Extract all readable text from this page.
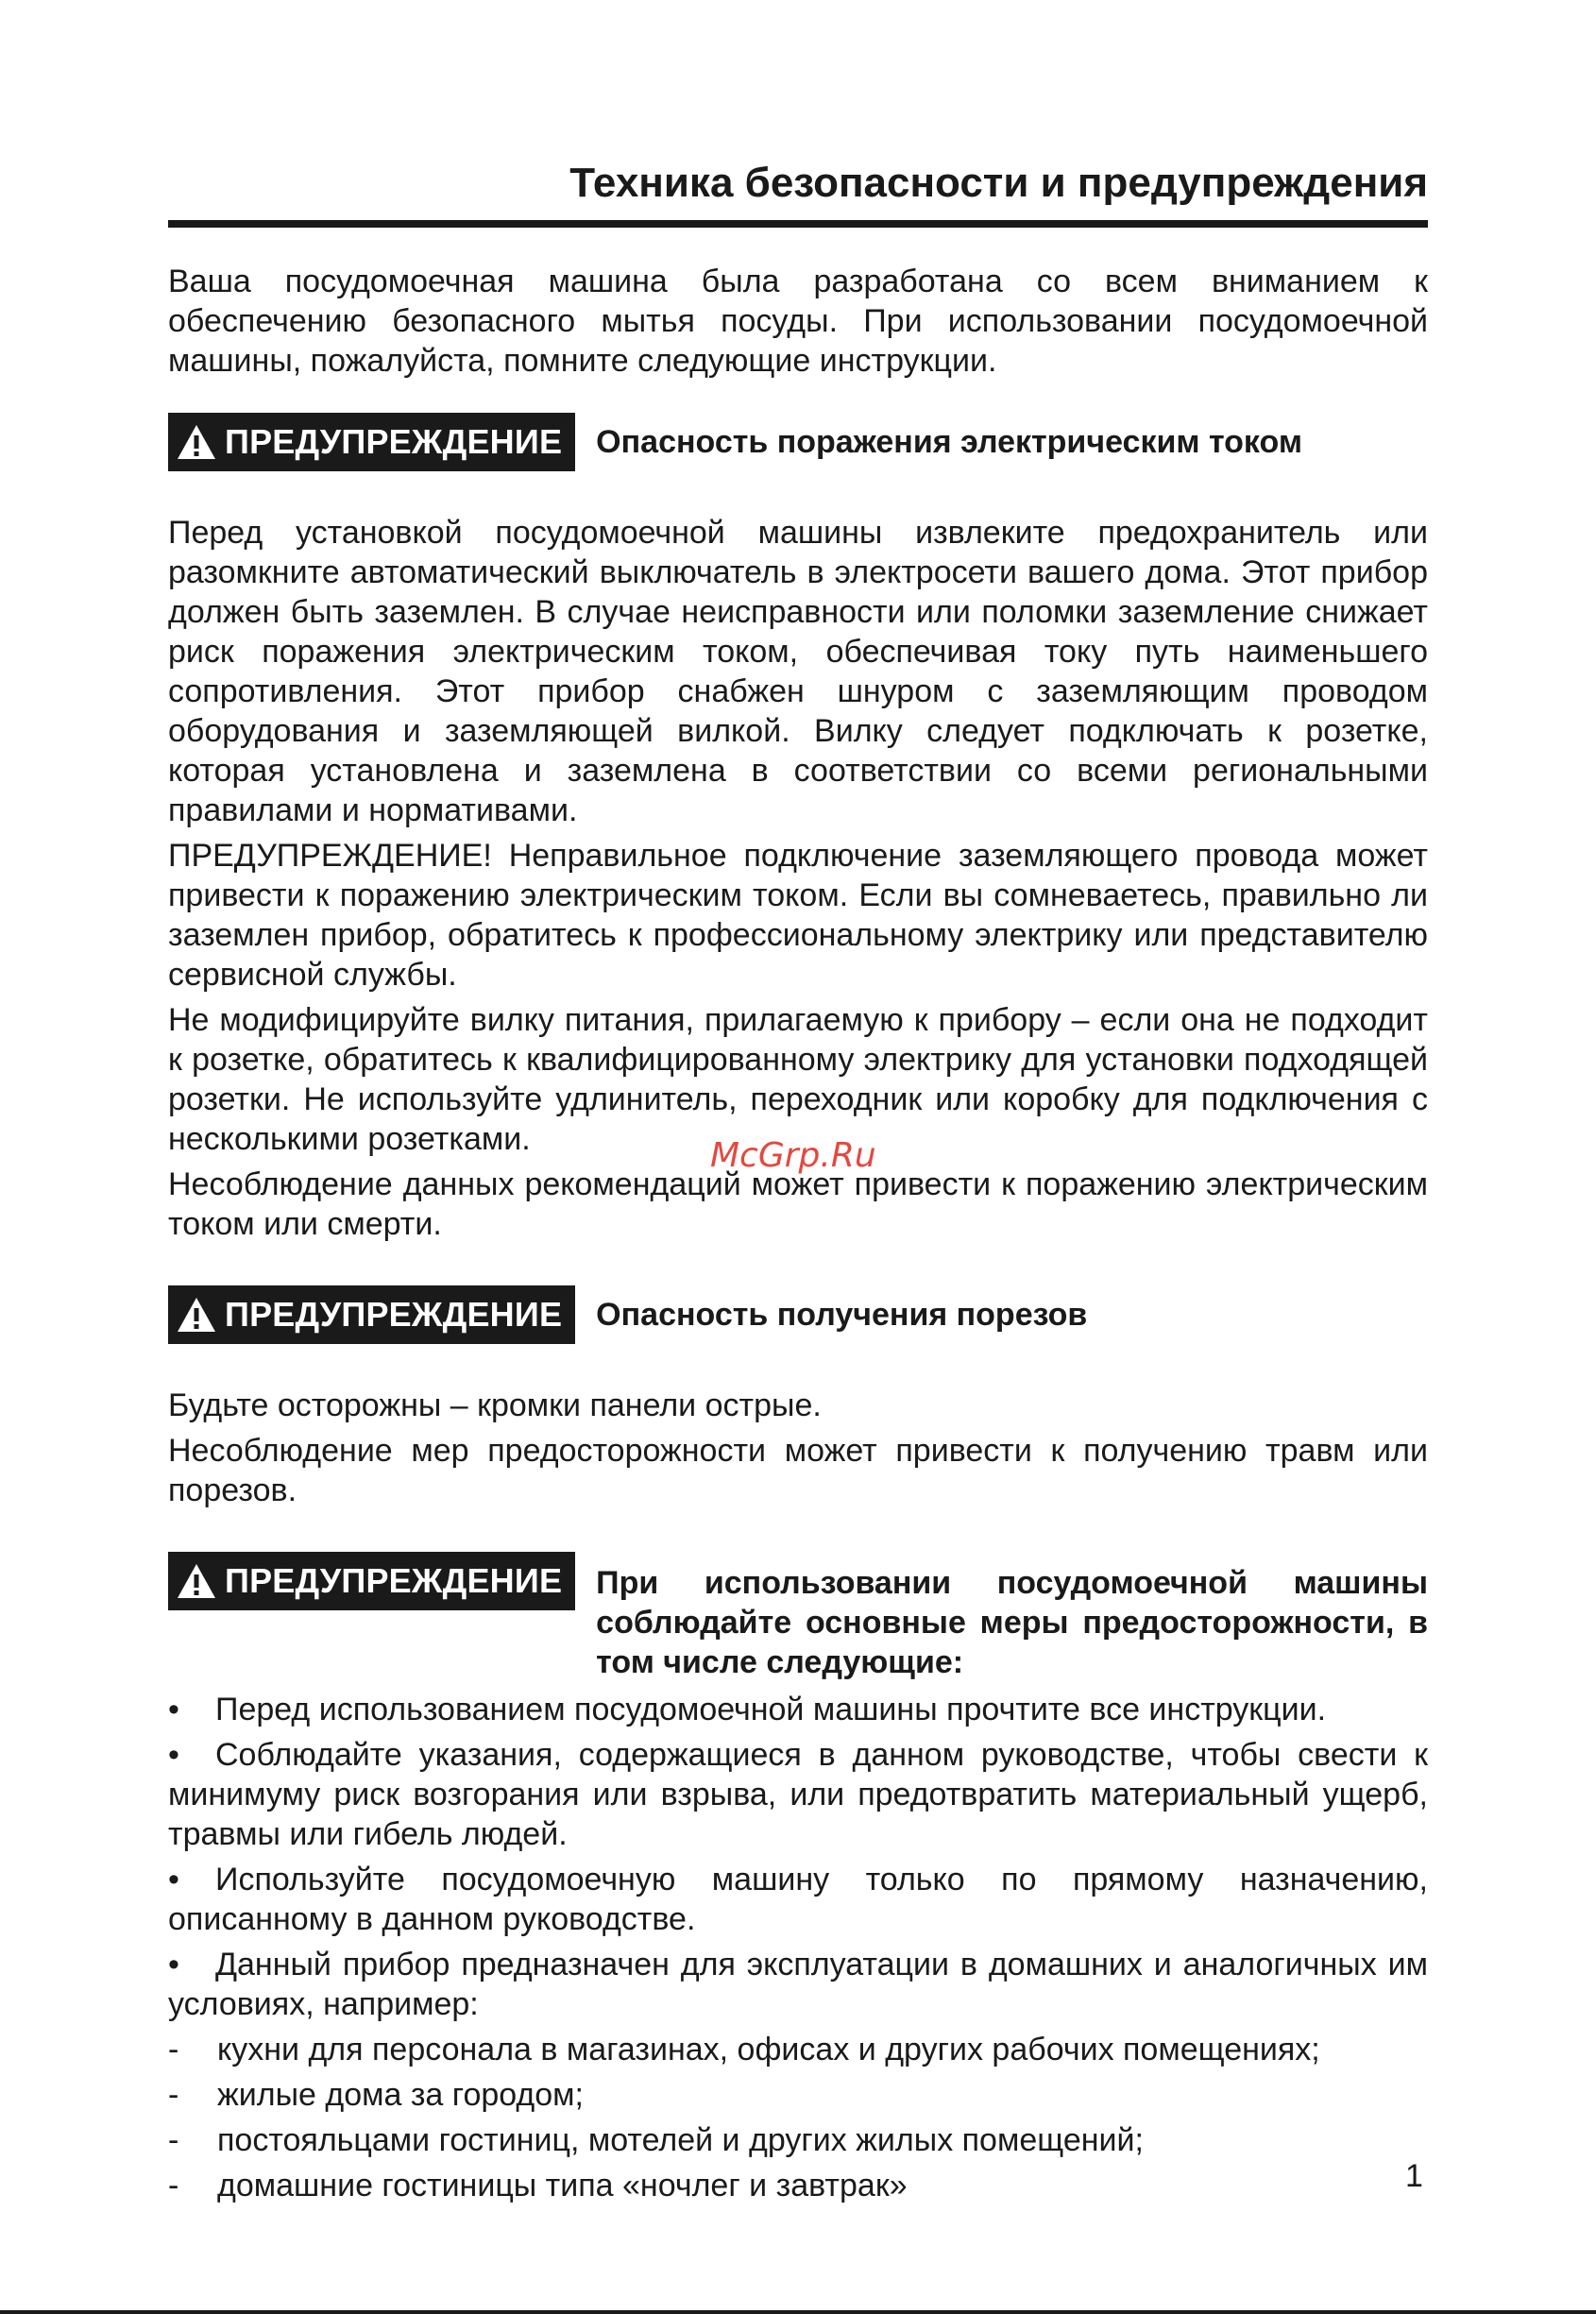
Техника безопасности и предупреждения

Ваша посудомоечная машина была разработана со всем вниманием к обеспечению безопасного мытья посуды. При использовании посудомоечной машины, пожалуйста, помните следующие инструкции.

ПРЕДУПРЕЖДЕНИЕ Опасность поражения электрическим током

Перед установкой посудомоечной машины извлеките предохранитель или разомкните автоматический выключатель в электросети вашего дома. Этот прибор должен быть заземлен. В случае неисправности или поломки заземление снижает риск поражения электрическим током, обеспечивая току путь наименьшего сопротивления. Этот прибор снабжен шнуром с заземляющим проводом оборудования и заземляющей вилкой. Вилку следует подключать к розетке, которая установлена и заземлена в соответствии со всеми региональными правилами и нормативами.

ПРЕДУПРЕЖДЕНИЕ! Неправильное подключение заземляющего провода может привести к поражению электрическим током. Если вы сомневаетесь, правильно ли заземлен прибор, обратитесь к профессиональному электрику или представителю сервисной службы.

Не модифицируйте вилку питания, прилагаемую к прибору – если она не подходит к розетке, обратитесь к квалифицированному электрику для установки подходящей розетки. Не используйте удлинитель, переходник или коробку для подключения с несколькими розетками.

Несоблюдение данных рекомендаций может привести к поражению электрическим током или смерти.

ПРЕДУПРЕЖДЕНИЕ Опасность получения порезов

Будьте осторожны – кромки панели острые.

Несоблюдение мер предосторожности может привести к получению травм или порезов.

ПРЕДУПРЕЖДЕНИЕ При использовании посудомоечной машины соблюдайте основные меры предосторожности, в том числе следующие:

• Перед использованием посудомоечной машины прочтите все инструкции.

• Соблюдайте указания, содержащиеся в данном руководстве, чтобы свести к минимуму риск возгорания или взрыва, или предотвратить материальный ущерб, травмы или гибель людей.

• Используйте посудомоечную машину только по прямому назначению, описанному в данном руководстве.

• Данный прибор предназначен для эксплуатации в домашних и аналогичных им условиях, например:

- кухни для персонала в магазинах, офисах и других рабочих помещениях;

- жилые дома за городом;

- постояльцами гостиниц, мотелей и других жилых помещений;

- домашние гостиницы типа «ночлег и завтрак»

McGrp.Ru
1
